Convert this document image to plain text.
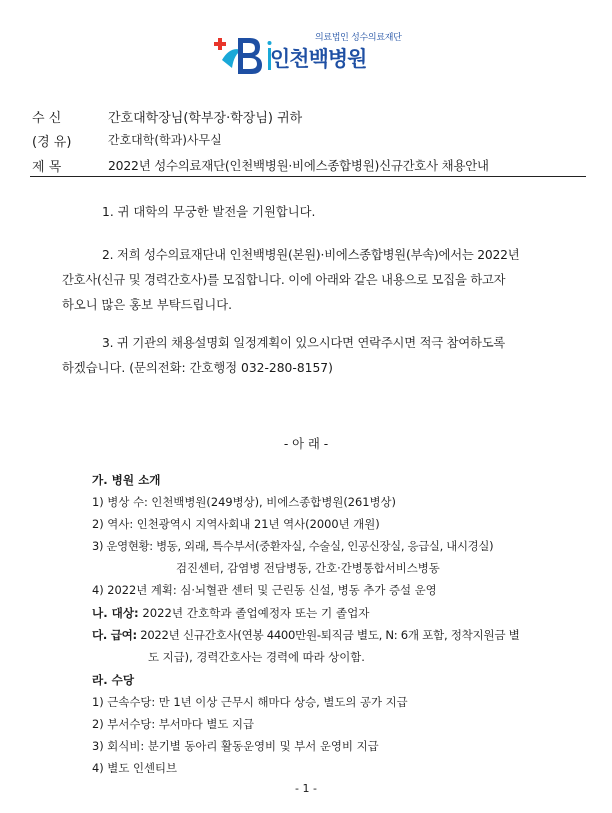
의료법인 성수의료재단
인천백병원
수 신	간호대학장님(학부장·학장님) 귀하
(경 유)	간호대학(학과)사무실
제 목	2022년 성수의료재단(인천백병원·비에스종합병원)신규간호사 채용안내
1. 귀 대학의 무궁한 발전을 기원합니다.
2. 저희 성수의료재단내 인천백병원(본원)·비에스종합병원(부속)에서는 2022년
간호사(신규 및 경력간호사)를 모집합니다. 이에 아래와 같은 내용으로 모집을 하고자
하오니 많은 홍보 부탁드립니다.
3. 귀 기관의 채용설명회 일정계획이 있으시다면 연락주시면 적극 참여하도록
하겠습니다. (문의전화: 간호행정 032-280-8157)
- 아 래 -
가. 병원 소개
1) 병상 수: 인천백병원(249병상), 비에스종합병원(261병상)
2) 역사: 인천광역시 지역사회내 21년 역사(2000년 개원)
3) 운영현황: 병동, 외래, 특수부서(중환자실, 수술실, 인공신장실, 응급실, 내시경실)
검진센터, 감염병 전담병동, 간호·간병통합서비스병동
4) 2022년 계획: 심·뇌혈관 센터 및 근린동 신설, 병동 추가 증설 운영
나. 대상: 2022년 간호학과 졸업예정자 또는 기 졸업자
다. 급여: 2022년 신규간호사(연봉 4400만원-퇴직금 별도, N: 6개 포함, 정착지원금 별
도 지급), 경력간호사는 경력에 따라 상이함.
라. 수당
1) 근속수당: 만 1년 이상 근무시 해마다 상승, 별도의 공가 지급
2) 부서수당: 부서마다 별도 지급
3) 회식비: 분기별 동아리 활동운영비 및 부서 운영비 지급
4) 별도 인센티브
- 1 -
